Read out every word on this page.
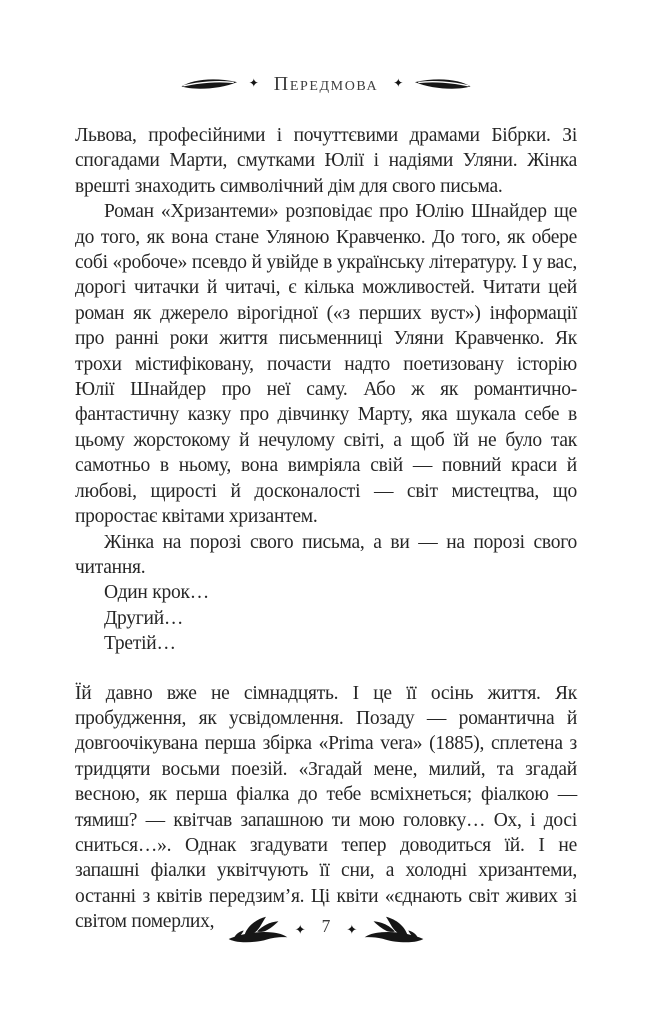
✦ Передмова	✦

Львова, професійними і почуттєвими драмами Бібрки. Зі спогадами Марти, смутками Юлії і надіями Уляни. Жінка врешті знаходить символічний дім для свого письма.

Роман «Хризантеми» розповідає про Юлію Шнайдер ще до того, як вона стане Уляною Кравченко. До того, як обере собі «робоче» псевдо й увійде в українську літературу. І у вас, дорогі читачки й читачі, є кілька можливостей. Читати цей роман як джерело вірогідної («з перших вуст») інформації про ранні роки життя письменниці Уляни Кравченко. Як трохи містифіковану, почасти надто поетизовану історію Юлії Шнайдер про неї саму. Або ж як романтично-фантастичну казку про дівчинку Марту, яка шукала себе в цьому жорстокому й нечулому світі, а щоб їй не було так самотньо в ньому, вона вимріяла свій — повний краси й любові, щирості й досконалості — світ мистецтва, що проростає квітами хризантем.

Жінка на порозі свого письма, а ви — на порозі свого читання.

Один крок…

Другий…

Третій…

Їй давно вже не сімнадцять. І це її осінь життя. Як пробудження, як усвідомлення. Позаду — романтична й довгоочікувана перша збірка «Prima vera» (1885), сплетена з тридцяти восьми поезій. «Згадай мене, милий, та згадай весною, як перша фіалка до тебе всміхнеться; фіалкою — тямиш? — квітчав запашною ти мою головку… Ох, і досі сниться…». Однак згадувати тепер доводиться їй. І не запашні фіалки уквітчують її сни, а холодні хризантеми, останні з квітів передзим’я. Ці квіти «єднають світ живих зі світом померлих,	✦ 7	✦
